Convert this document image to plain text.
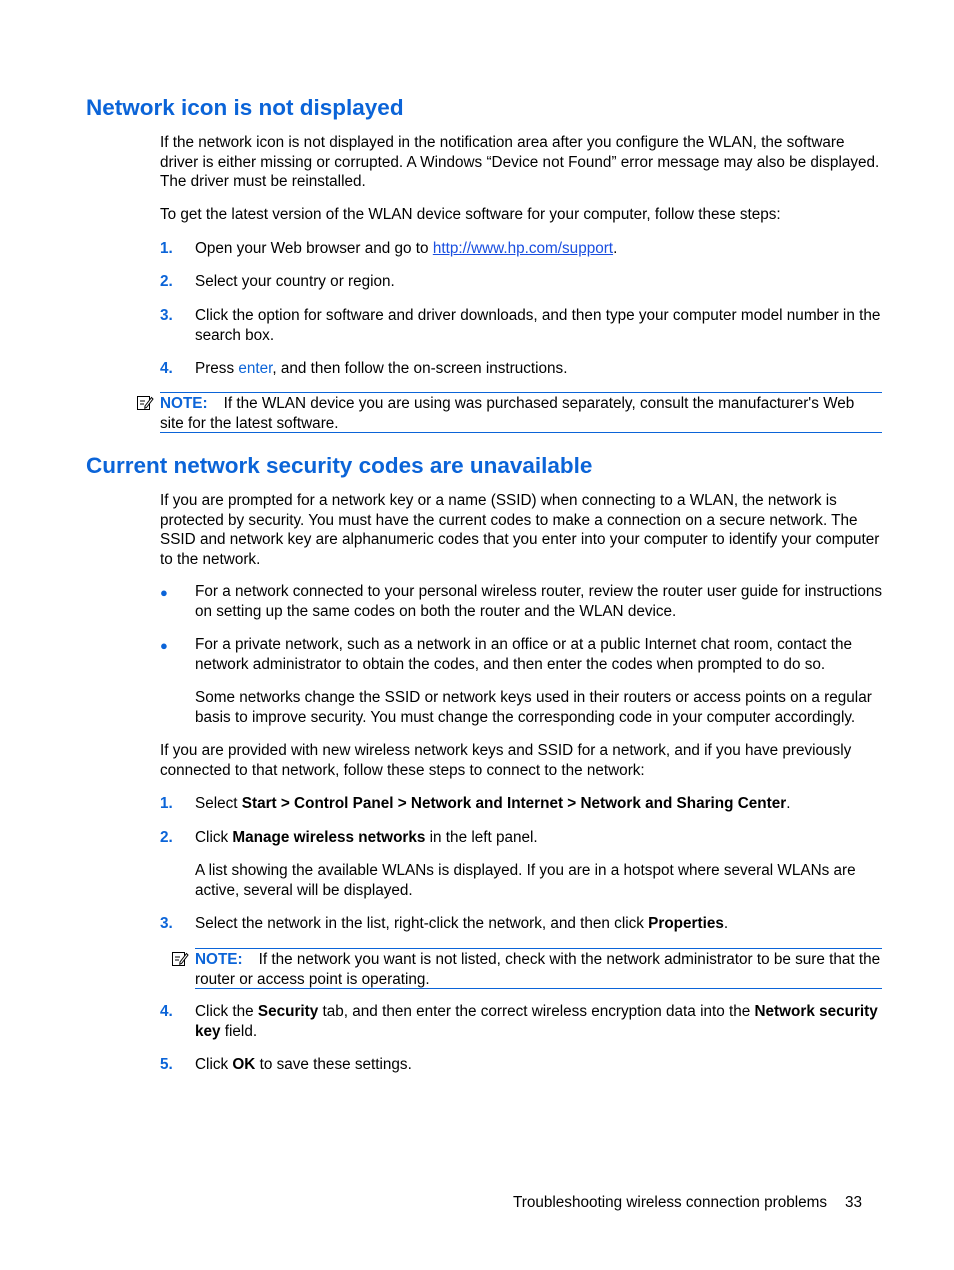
Network icon is not displayed

If the network icon is not displayed in the notification area after you configure the WLAN, the software driver is either missing or corrupted. A Windows “Device not Found” error message may also be displayed. The driver must be reinstalled.

To get the latest version of the WLAN device software for your computer, follow these steps:

1. Open your Web browser and go to http://www.hp.com/support.

2. Select your country or region.

3. Click the option for software and driver downloads, and then type your computer model number in the search box.

4. Press enter, and then follow the on-screen instructions.

NOTE: If the WLAN device you are using was purchased separately, consult the manufacturer's Web site for the latest software.
Current network security codes are unavailable

If you are prompted for a network key or a name (SSID) when connecting to a WLAN, the network is protected by security. You must have the current codes to make a connection on a secure network. The SSID and network key are alphanumeric codes that you enter into your computer to identify your computer to the network.

● For a network connected to your personal wireless router, review the router user guide for instructions on setting up the same codes on both the router and the WLAN device.

● For a private network, such as a network in an office or at a public Internet chat room, contact the network administrator to obtain the codes, and then enter the codes when prompted to do so.

Some networks change the SSID or network keys used in their routers or access points on a regular basis to improve security. You must change the corresponding code in your computer accordingly.

If you are provided with new wireless network keys and SSID for a network, and if you have previously connected to that network, follow these steps to connect to the network:

1. Select Start > Control Panel > Network and Internet > Network and Sharing Center.

2. Click Manage wireless networks in the left panel.

A list showing the available WLANs is displayed. If you are in a hotspot where several WLANs are active, several will be displayed.

3. Select the network in the list, right-click the network, and then click Properties.

NOTE: If the network you want is not listed, check with the network administrator to be sure that the router or access point is operating.
4. Click the Security tab, and then enter the correct wireless encryption data into the Network security key field.

5. Click OK to save these settings.

Troubleshooting wireless connection problems 33
